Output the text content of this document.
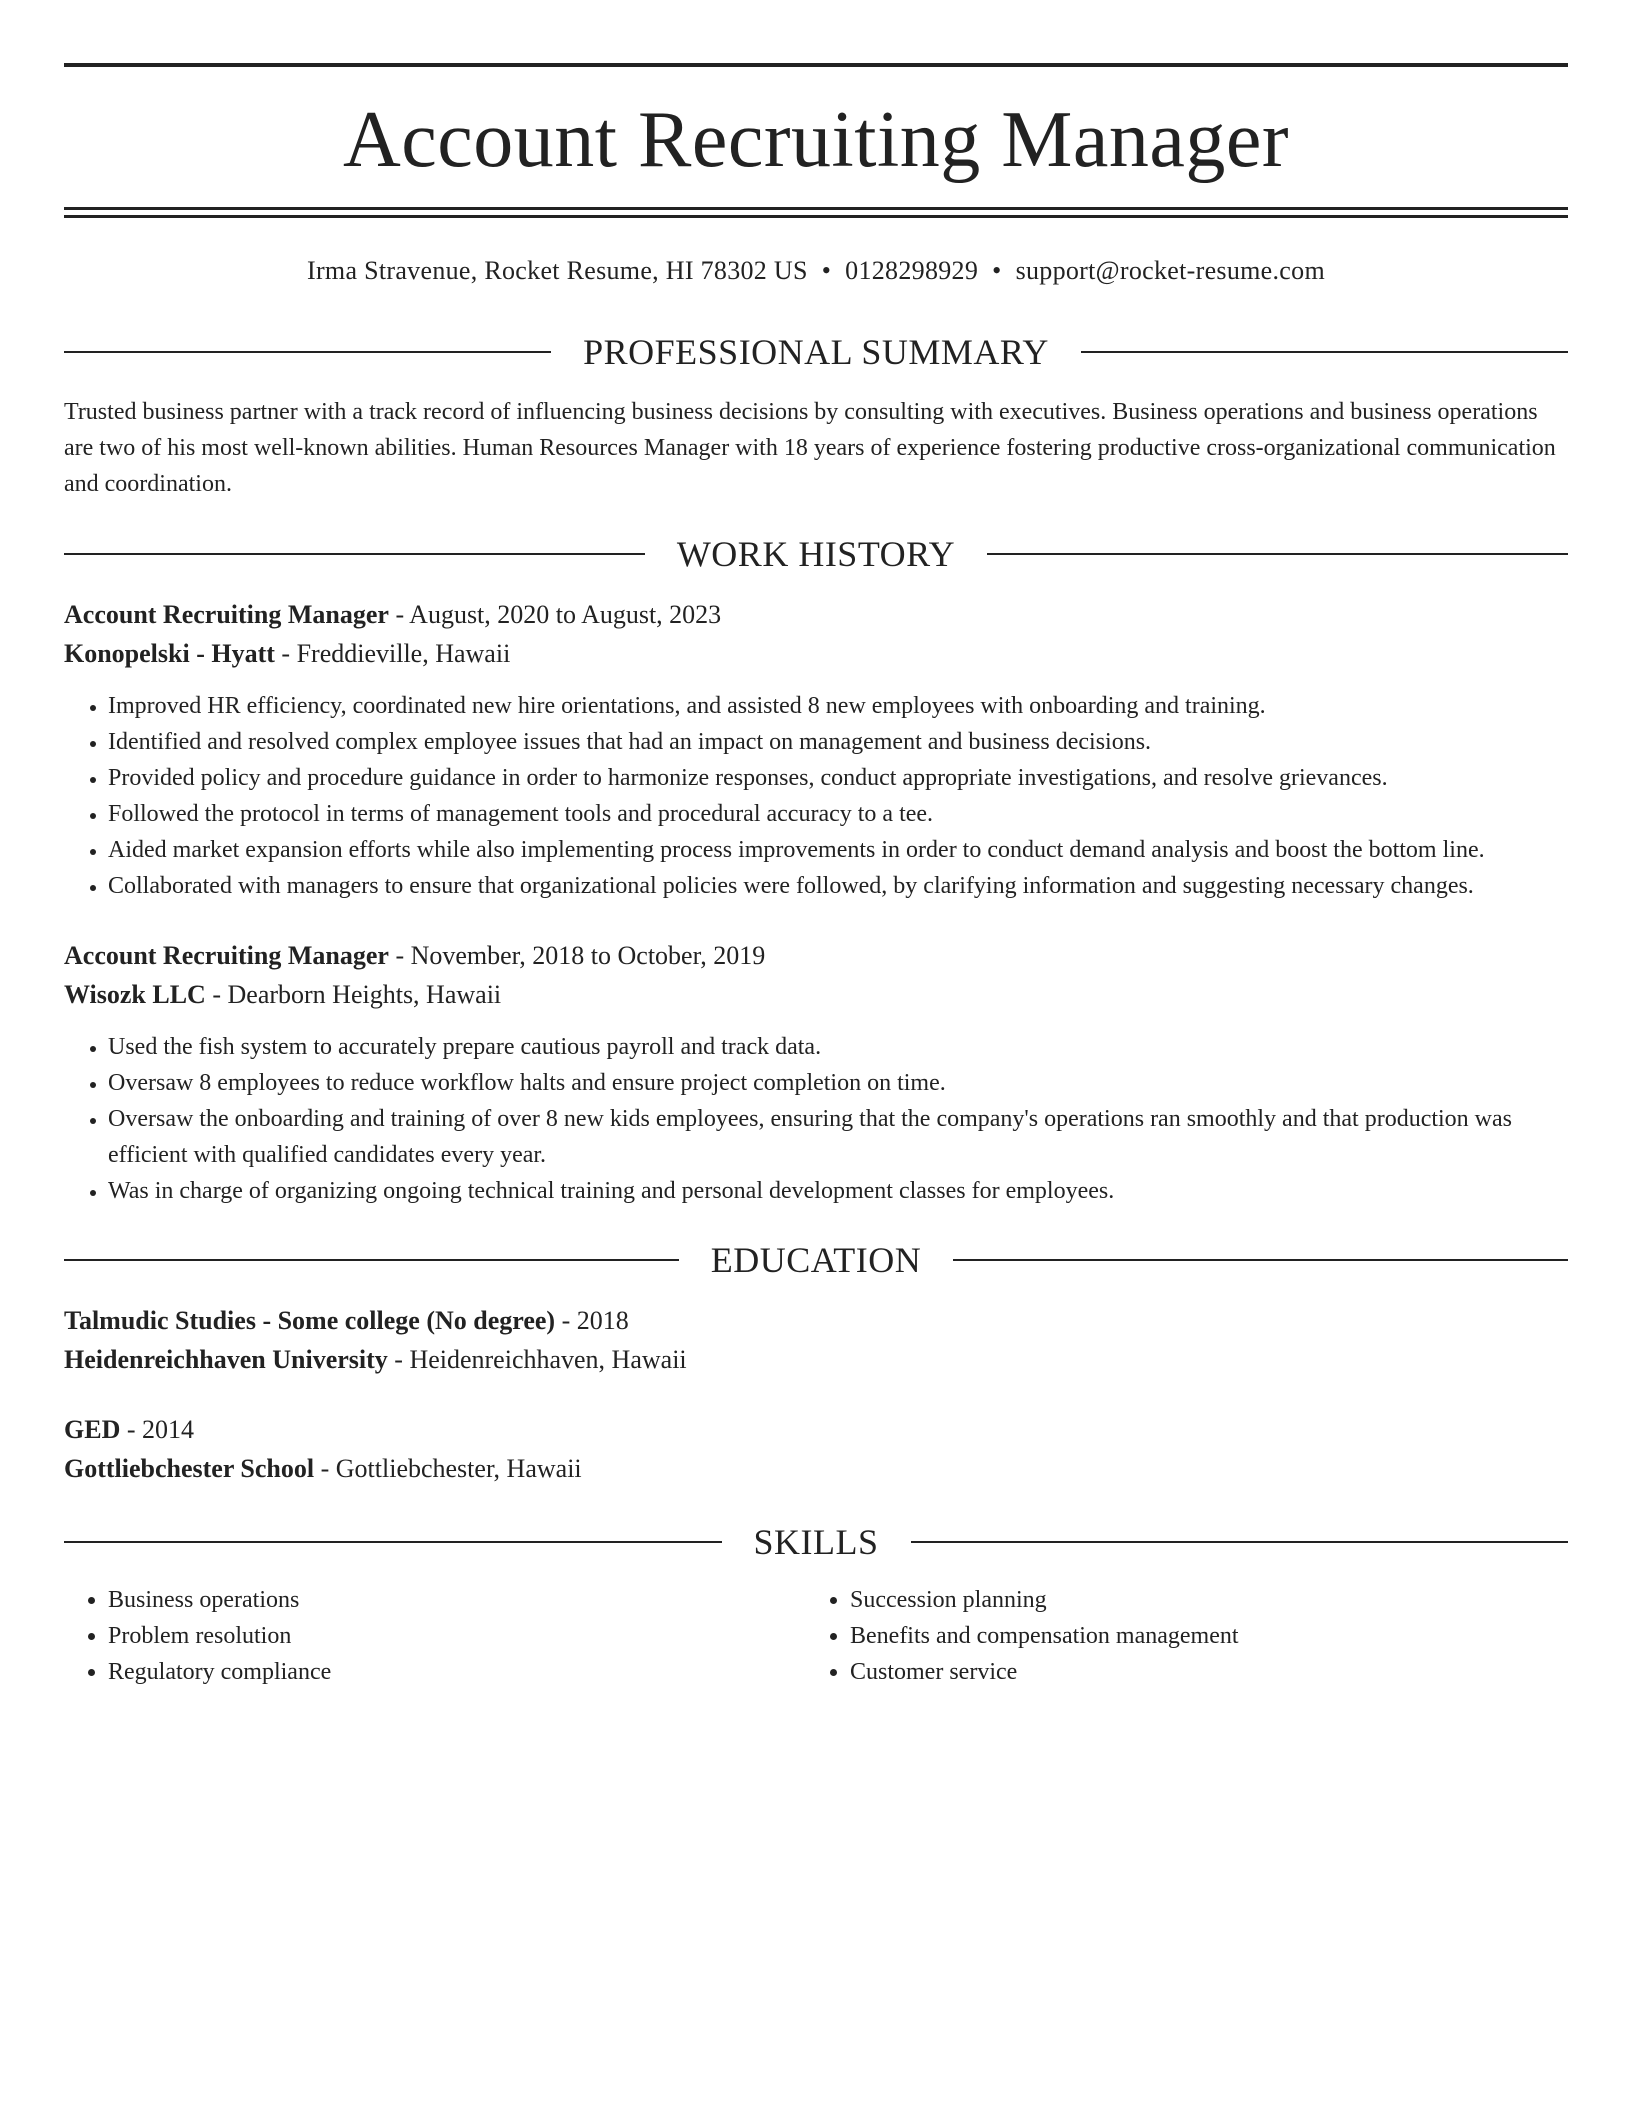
Account Recruiting Manager
Irma Stravenue, Rocket Resume, HI 78302 US • 0128298929 • support@rocket-resume.com
PROFESSIONAL SUMMARY

Trusted business partner with a track record of influencing business decisions by consulting with executives. Business operations and business operations are two of his most well-known abilities. Human Resources Manager with 18 years of experience fostering productive cross-organizational communication and coordination.

WORK HISTORY
Account Recruiting Manager - August, 2020 to August, 2023
Konopelski - Hyatt - Freddieville, Hawaii
• Improved HR efficiency, coordinated new hire orientations, and assisted 8 new employees with onboarding and training.
• Identified and resolved complex employee issues that had an impact on management and business decisions.
• Provided policy and procedure guidance in order to harmonize responses, conduct appropriate investigations, and resolve grievances.
• Followed the protocol in terms of management tools and procedural accuracy to a tee.
• Aided market expansion efforts while also implementing process improvements in order to conduct demand analysis and boost the bottom line.
• Collaborated with managers to ensure that organizational policies were followed, by clarifying information and suggesting necessary changes.
Account Recruiting Manager - November, 2018 to October, 2019
Wisozk LLC - Dearborn Heights, Hawaii
• Used the fish system to accurately prepare cautious payroll and track data.
• Oversaw 8 employees to reduce workflow halts and ensure project completion on time.
• Oversaw the onboarding and training of over 8 new kids employees, ensuring that the company's operations ran smoothly and that production was efficient with qualified candidates every year.
• Was in charge of organizing ongoing technical training and personal development classes for employees.
EDUCATION
Talmudic Studies - Some college (No degree) - 2018
Heidenreichhaven University - Heidenreichhaven, Hawaii
GED - 2014
Gottliebchester School - Gottliebchester, Hawaii
SKILLS
• Business operations
• Problem resolution
• Regulatory compliance
• Succession planning
• Benefits and compensation management
• Customer service
